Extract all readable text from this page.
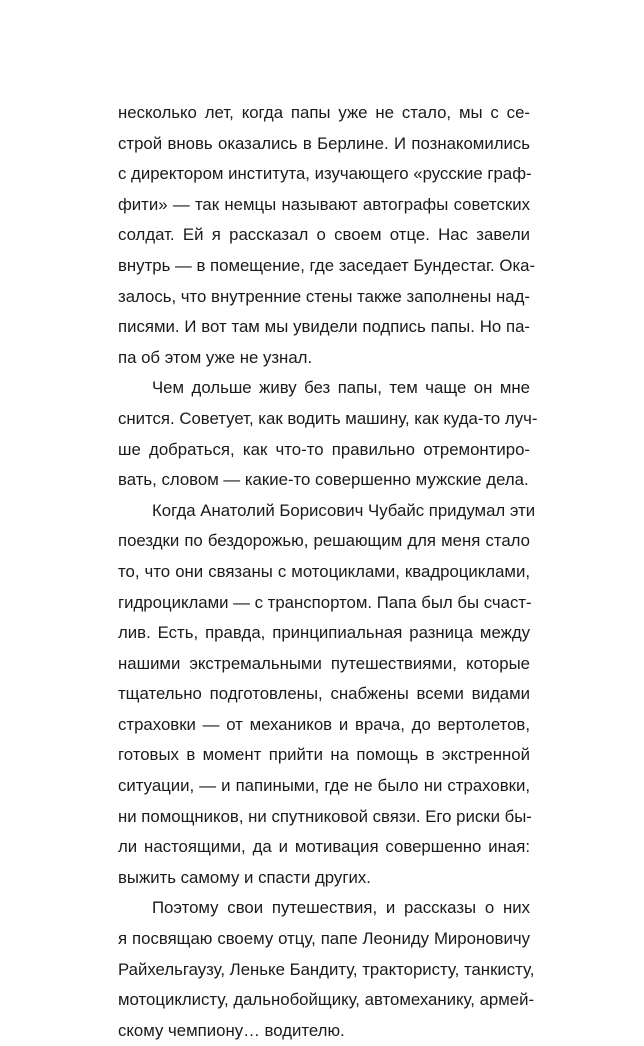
несколько лет, когда папы уже не стало, мы с се-
строй вновь оказались в Берлине. И познакомились
с директором института, изучающего «русские граф-
фити» — так немцы называют автографы советских
солдат. Ей я рассказал о своем отце. Нас завели
внутрь — в помещение, где заседает Бундестаг. Ока-
залось, что внутренние стены также заполнены над-
писями. И вот там мы увидели подпись папы. Но па-
па об этом уже не узнал.
Чем дольше живу без папы, тем чаще он мне
снится. Советует, как водить машину, как куда-то луч-
ше добраться, как что-то правильно отремонтиро-
вать, словом — какие-то совершенно мужские дела.
Когда Анатолий Борисович Чубайс придумал эти
поездки по бездорожью, решающим для меня стало
то, что они связаны с мотоциклами, квадроциклами,
гидроциклами — с транспортом. Папа был бы счаст-
лив. Есть, правда, принципиальная разница между
нашими экстремальными путешествиями, которые
тщательно подготовлены, снабжены всеми видами
страховки — от механиков и врача, до вертолетов,
готовых в момент прийти на помощь в экстренной
ситуации, — и папиными, где не было ни страховки,
ни помощников, ни спутниковой связи. Его риски бы-
ли настоящими, да и мотивация совершенно иная:
выжить самому и спасти других.
Поэтому свои путешествия, и рассказы о них
я посвящаю своему отцу, папе Леониду Мироновичу
Райхельгаузу, Леньке Бандиту, трактористу, танкисту,
мотоциклисту, дальнобойщику, автомеханику, армей-
скому чемпиону… водителю.
